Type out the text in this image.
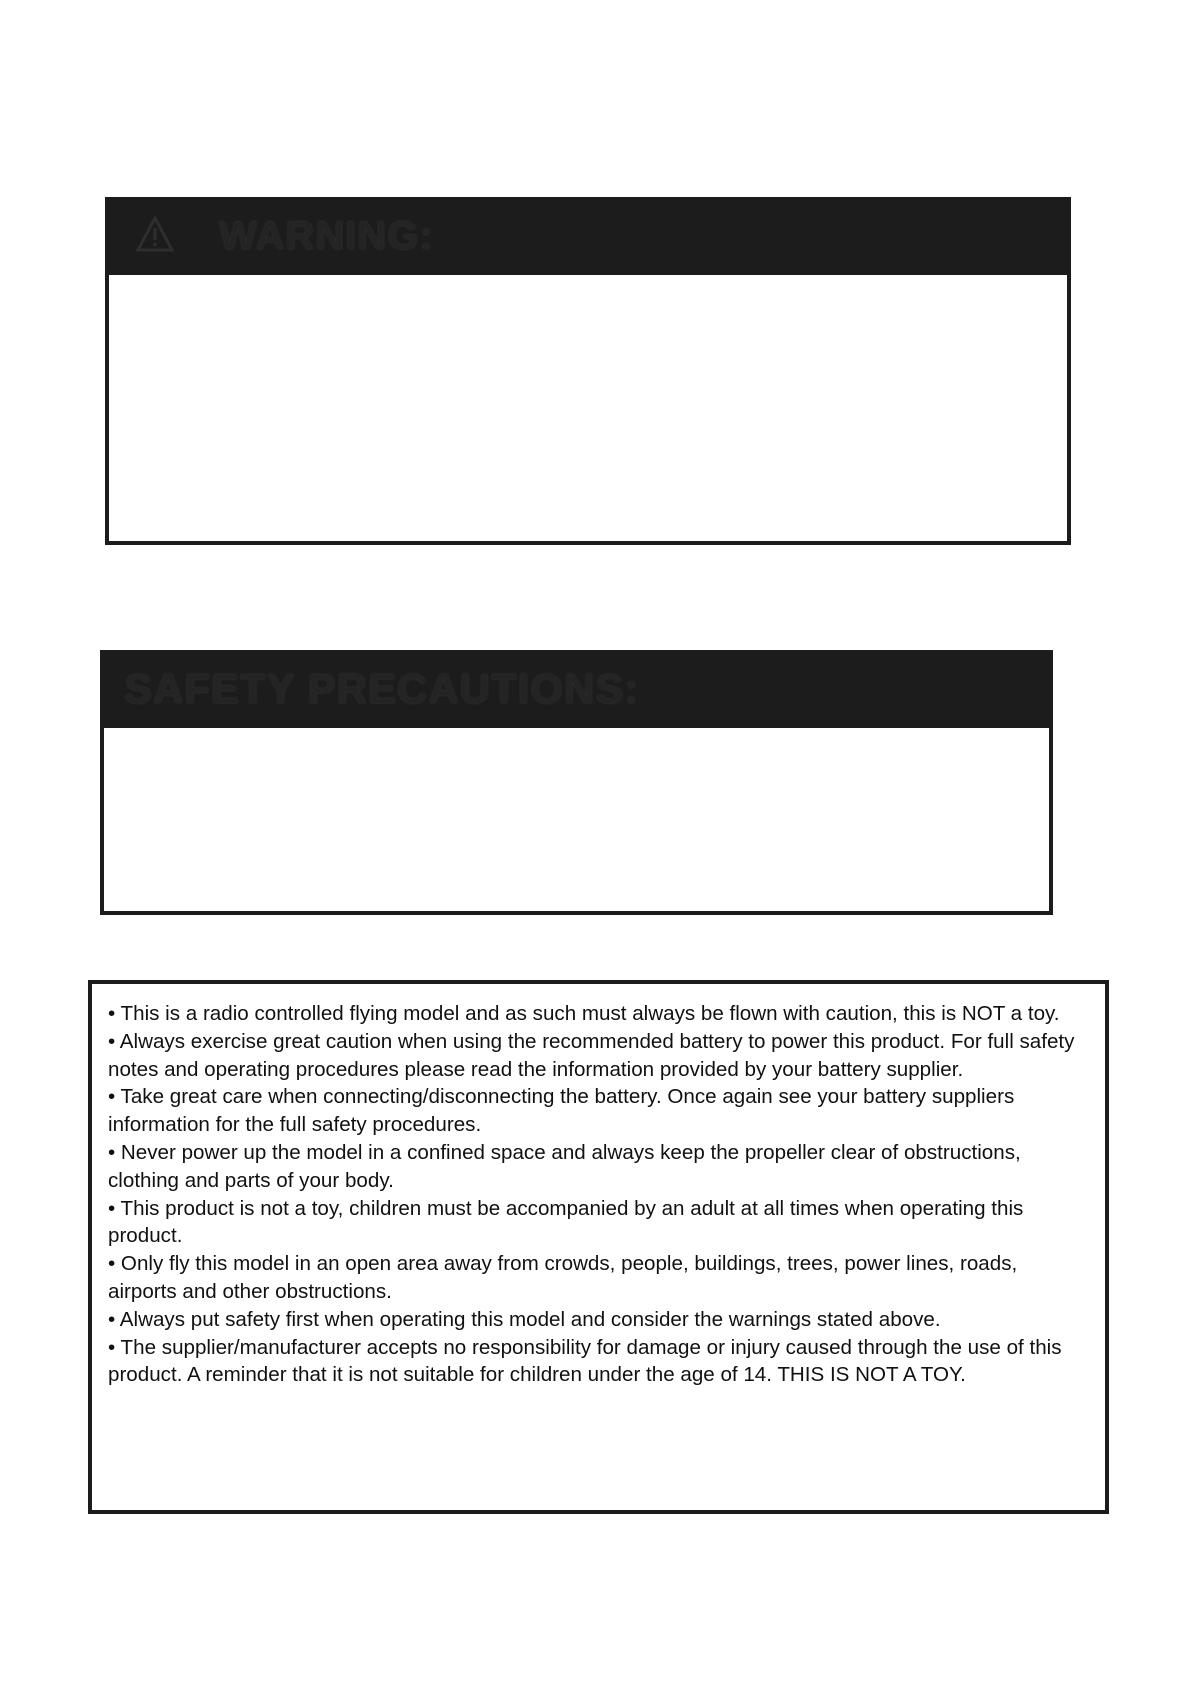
WARNING:
SAFETY PRECAUTIONS:

• This is a radio controlled flying model and as such must always be flown with caution, this is NOT a toy.

• Always exercise great caution when using the recommended battery to power this product. For full safety notes and operating procedures please read the information provided by your battery supplier.

• Take great care when connecting/disconnecting the battery. Once again see your battery suppliers information for the full safety procedures.

• Never power up the model in a confined space and always keep the propeller clear of obstructions, clothing and parts of your body.

• This product is not a toy, children must be accompanied by an adult at all times when operating this product.

• Only fly this model in an open area away from crowds, people, buildings, trees, power lines, roads, airports and other obstructions.

• Always put safety first when operating this model and consider the warnings stated above.

• The supplier/manufacturer accepts no responsibility for damage or injury caused through the use of this product. A reminder that it is not suitable for children under the age of 14. THIS IS NOT A TOY.
